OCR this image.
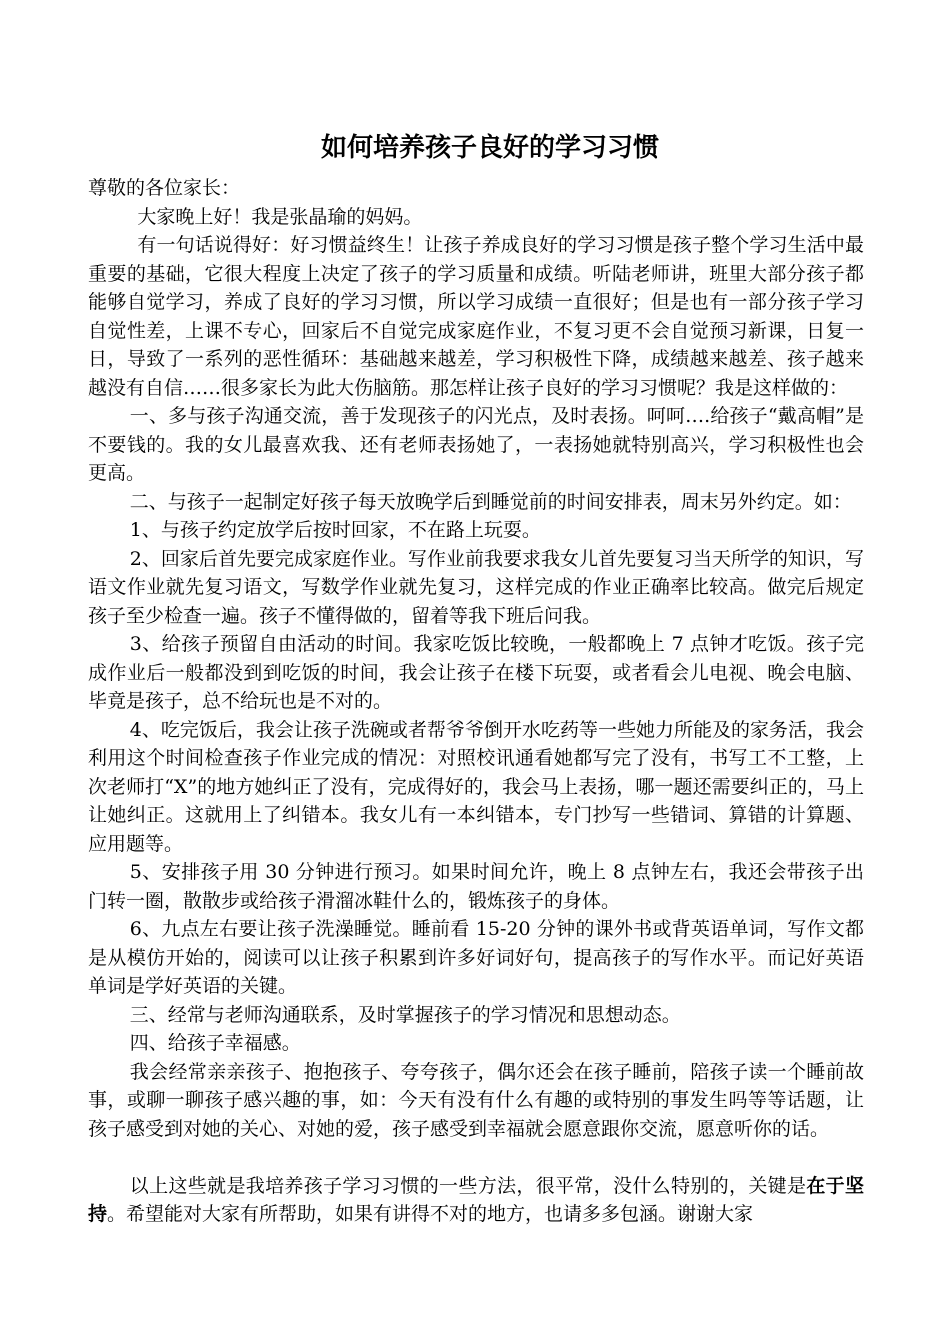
如何培养孩子良好的学习习惯

尊敬的各位家长：

大家晚上好！我是张晶瑜的妈妈。

有一句话说得好：好习惯益终生！让孩子养成良好的学习习惯是孩子整个学习生活中最重要的基础，它很大程度上决定了孩子的学习质量和成绩。听陆老师讲，班里大部分孩子都能够自觉学习，养成了良好的学习习惯，所以学习成绩一直很好；但是也有一部分孩子学习自觉性差，上课不专心，回家后不自觉完成家庭作业，不复习更不会自觉预习新课，日复一日，导致了一系列的恶性循环：基础越来越差，学习积极性下降，成绩越来越差、孩子越来越没有自信……很多家长为此大伤脑筋。那怎样让孩子良好的学习习惯呢？我是这样做的：

一、多与孩子沟通交流，善于发现孩子的闪光点，及时表扬。呵呵….给孩子“戴高帽”是不要钱的。我的女儿最喜欢我、还有老师表扬她了，一表扬她就特别高兴，学习积极性也会更高。

二、与孩子一起制定好孩子每天放晚学后到睡觉前的时间安排表，周末另外约定。如：

1、与孩子约定放学后按时回家，不在路上玩耍。

2、回家后首先要完成家庭作业。写作业前我要求我女儿首先要复习当天所学的知识，写语文作业就先复习语文，写数学作业就先复习，这样完成的作业正确率比较高。做完后规定孩子至少检查一遍。孩子不懂得做的，留着等我下班后问我。

3、给孩子预留自由活动的时间。我家吃饭比较晚，一般都晚上 7 点钟才吃饭。孩子完成作业后一般都没到到吃饭的时间，我会让孩子在楼下玩耍，或者看会儿电视、晚会电脑、毕竟是孩子，总不给玩也是不对的。

4、吃完饭后，我会让孩子洗碗或者帮爷爷倒开水吃药等一些她力所能及的家务活，我会利用这个时间检查孩子作业完成的情况：对照校讯通看她都写完了没有，书写工不工整，上次老师打“X”的地方她纠正了没有，完成得好的，我会马上表扬，哪一题还需要纠正的，马上让她纠正。这就用上了纠错本。我女儿有一本纠错本，专门抄写一些错词、算错的计算题、应用题等。

5、安排孩子用 30 分钟进行预习。如果时间允许，晚上 8 点钟左右，我还会带孩子出门转一圈，散散步或给孩子滑溜冰鞋什么的，锻炼孩子的身体。

6、九点左右要让孩子洗澡睡觉。睡前看 15-20 分钟的课外书或背英语单词，写作文都是从模仿开始的，阅读可以让孩子积累到许多好词好句，提高孩子的写作水平。而记好英语单词是学好英语的关键。

三、经常与老师沟通联系，及时掌握孩子的学习情况和思想动态。

四、给孩子幸福感。

我会经常亲亲孩子、抱抱孩子、夸夸孩子，偶尔还会在孩子睡前，陪孩子读一个睡前故事，或聊一聊孩子感兴趣的事，如：今天有没有什么有趣的或特别的事发生吗等等话题，让孩子感受到对她的关心、对她的爱，孩子感受到幸福就会愿意跟你交流，愿意听你的话。

以上这些就是我培养孩子学习习惯的一些方法，很平常，没什么特别的，关键是在于坚持。希望能对大家有所帮助，如果有讲得不对的地方，也请多多包涵。谢谢大家
